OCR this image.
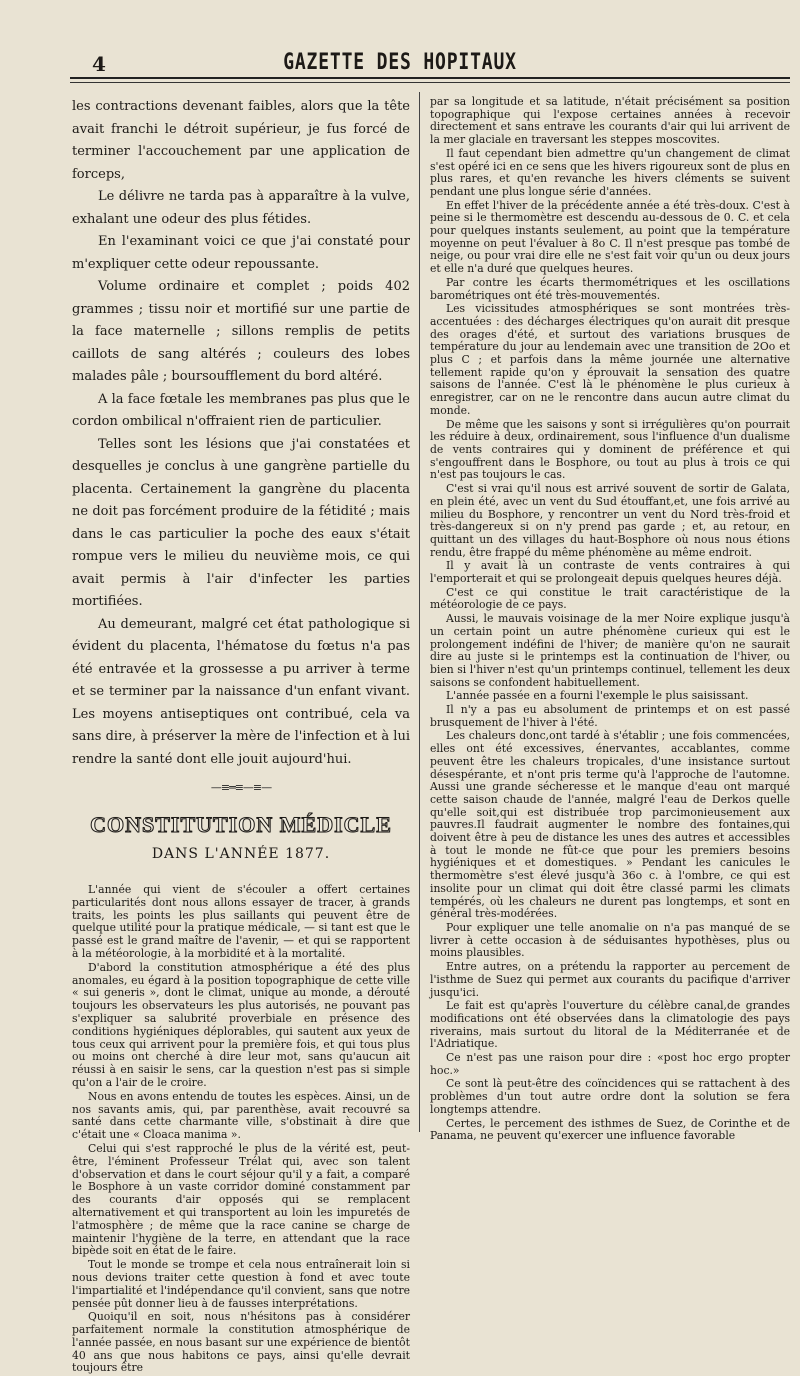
4	GAZETTE DES HOPITAUX

les contractions devenant faibles, alors que la tête avait franchi le détroit supérieur, je fus forcé de terminer l'accouchement par une application de forceps,

Le délivre ne tarda pas à apparaître à la vulve, exhalant une odeur des plus fétides.

En l'examinant voici ce que j'ai constaté pour m'expliquer cette odeur repoussante.

Volume ordinaire et complet ; poids 402 grammes ; tissu noir et mortifié sur une partie de la face maternelle ; sillons remplis de petits caillots de sang altérés ; couleurs des lobes malades pâle ; boursoufflement du bord altéré.

A la face fœtale les membranes pas plus que le cordon ombilical n'offraient rien de particulier.

Telles sont les lésions que j'ai constatées et desquelles je conclus à une gangrène partielle du placenta. Certainement la gangrène du placenta ne doit pas forcément produire de la fétidité ; mais dans le cas particulier la poche des eaux s'était rompue vers le milieu du neuvième mois, ce qui avait permis à l'air d'infecter les parties mortifiées.

Au demeurant, malgré cet état pathologique si évident du placenta, l'hématose du fœtus n'a pas été entravée et la grossesse a pu arriver à terme et se terminer par la naissance d'un enfant vivant. Les moyens antiseptiques ont contribué, cela va sans dire, à préserver la mère de l'infection et à lui rendre la santé dont elle jouit aujourd'hui.

—≡═≡—≡—
CONSTITUTION MÉDICLE
DANS L'ANNÉE 1877.

L'année qui vient de s'écouler a offert certaines particularités dont nous allons essayer de tracer, à grands traits, les points les plus saillants qui peuvent être de quelque utilité pour la pratique médicale, — si tant est que le passé est le grand maître de l'avenir, — et qui se rapportent à la météorologie, à la morbidité et à la mortalité.

D'abord la constitution atmosphérique a été des plus anomales, eu égard à la position topographique de cette ville « sui generis », dont le climat, unique au monde, a dérouté toujours les observateurs les plus autorisés, ne pouvant pas s'expliquer sa salubrité proverbiale en présence des conditions hygiéniques déplorables, qui sautent aux yeux de tous ceux qui arrivent pour la première fois, et qui tous plus ou moins ont cherché à dire leur mot, sans qu'aucun ait réussi à en saisir le sens, car la question n'est pas si simple qu'on a l'air de le croire.

Nous en avons entendu de toutes les espèces. Ainsi, un de nos savants amis, qui, par parenthèse, avait recouvré sa santé dans cette charmante ville, s'obstinait à dire que c'était une « Cloaca manima ».

Celui qui s'est rapproché le plus de la vérité est, peut-être, l'éminent Professeur Trélat qui, avec son talent d'observation et dans le court séjour qu'il y a fait, a comparé le Bosphore à un vaste corridor dominé constamment par des courants d'air opposés qui se remplacent alternativement et qui transportent au loin les impuretés de l'atmosphère ; de même que la race canine se charge de maintenir l'hygiène de la terre, en attendant que la race bipède soit en état de le faire.

Tout le monde se trompe et cela nous entraînerait loin si nous devions traiter cette question à fond et avec toute l'impartialité et l'indépendance qu'il convient, sans que notre pensée pût donner lieu à de fausses interprétations.

Quoiqu'il en soit, nous n'hésitons pas à considérer parfaitement normale la constitution atmosphérique de l'année passée, en nous basant sur une expérience de bientôt 40 ans que nous habitons ce pays, ainsi qu'elle devrait toujours être

par sa longitude et sa latitude, n'était précisément sa position topographique qui l'expose certaines années à recevoir directement et sans entrave les courants d'air qui lui arrivent de la mer glaciale en traversant les steppes moscovites.

Il faut cependant bien admettre qu'un changement de climat s'est opéré ici en ce sens que les hivers rigoureux sont de plus en plus rares, et qu'en revanche les hivers cléments se suivent pendant une plus longue série d'années.

En effet l'hiver de la précédente année a été très-doux. C'est à peine si le thermomètre est descendu au-dessous de 0. C. et cela pour quelques instants seulement, au point que la température moyenne on peut l'évaluer à 8o C. Il n'est presque pas tombé de neige, ou pour vrai dire elle ne s'est fait voir qu'un ou deux jours et elle n'a duré que quelques heures.

Par contre les écarts thermométriques et les oscillations barométriques ont été très-mouvementés.

Les vicissitudes atmosphériques se sont montrées très-accentuées : des décharges électriques qu'on aurait dit presque des orages d'été, et surtout des variations brusques de température du jour au lendemain avec une transition de 2Oo et plus C ; et parfois dans la même journée une alternative tellement rapide qu'on y éprouvait la sensation des quatre saisons de l'année. C'est là le phénomène le plus curieux à enregistrer, car on ne le rencontre dans aucun autre climat du monde.

De même que les saisons y sont si irrégulières qu'on pourrait les réduire à deux, ordinairement, sous l'influence d'un dualisme de vents contraires qui y dominent de préférence et qui s'engouffrent dans le Bosphore, ou tout au plus à trois ce qui n'est pas toujours le cas.

C'est si vrai qu'il nous est arrivé souvent de sortir de Galata, en plein été, avec un vent du Sud étouffant,et, une fois arrivé au milieu du Bosphore, y rencontrer un vent du Nord très-froid et très-dangereux si on n'y prend pas garde ; et, au retour, en quittant un des villages du haut-Bosphore où nous nous étions rendu, être frappé du même phénomène au même endroit.

Il y avait là un contraste de vents contraires à qui l'emporterait et qui se prolongeait depuis quelques heures déjà.

C'est ce qui constitue le trait caractéristique de la météorologie de ce pays.

Aussi, le mauvais voisinage de la mer Noire explique jusqu'à un certain point un autre phénomène curieux qui est le prolongement indéfini de l'hiver; de manière qu'on ne saurait dire au juste si le printemps est la continuation de l'hiver, ou bien si l'hiver n'est qu'un printemps continuel, tellement les deux saisons se confondent habituellement.

L'année passée en a fourni l'exemple le plus saisissant.

Il n'y a pas eu absolument de printemps et on est passé brusquement de l'hiver à l'été.

Les chaleurs donc,ont tardé à s'établir ; une fois commencées, elles ont été excessives, énervantes, accablantes, comme peuvent être les chaleurs tropicales, d'une insistance surtout désespérante, et n'ont pris terme qu'à l'approche de l'automne. Aussi une grande sécheresse et le manque d'eau ont marqué cette saison chaude de l'année, malgré l'eau de Derkos quelle qu'elle soit,qui est distribuée trop parcimonieusement aux pauvres.Il faudrait augmenter le nombre des fontaines,qui doivent être à peu de distance les unes des autres et accessibles à tout le monde ne fût-ce que pour les premiers besoins hygiéniques et et domestiques. » Pendant les canicules le thermomètre s'est élevé jusqu'à 36o c. à l'ombre, ce qui est insolite pour un climat qui doit être classé parmi les climats tempérés, où les chaleurs ne durent pas longtemps, et sont en général très-modérées.

Pour expliquer une telle anomalie on n'a pas manqué de se livrer à cette occasion à de séduisantes hypothèses, plus ou moins plausibles.

Entre autres, on a prétendu la rapporter au percement de l'isthme de Suez qui permet aux courants du pacifique d'arriver jusqu'ici.

Le fait est qu'après l'ouverture du célèbre canal,de grandes modifications ont été observées dans la climatologie des pays riverains, mais surtout du litoral de la Méditerranée et de l'Adriatique.

Ce n'est pas une raison pour dire : «post hoc ergo propter hoc.»

Ce sont là peut-être des coïncidences qui se rattachent à des problèmes d'un tout autre ordre dont la solution se fera longtemps attendre.

Certes, le percement des isthmes de Suez, de Corinthe et de Panama, ne peuvent qu'exercer une influence favorable
